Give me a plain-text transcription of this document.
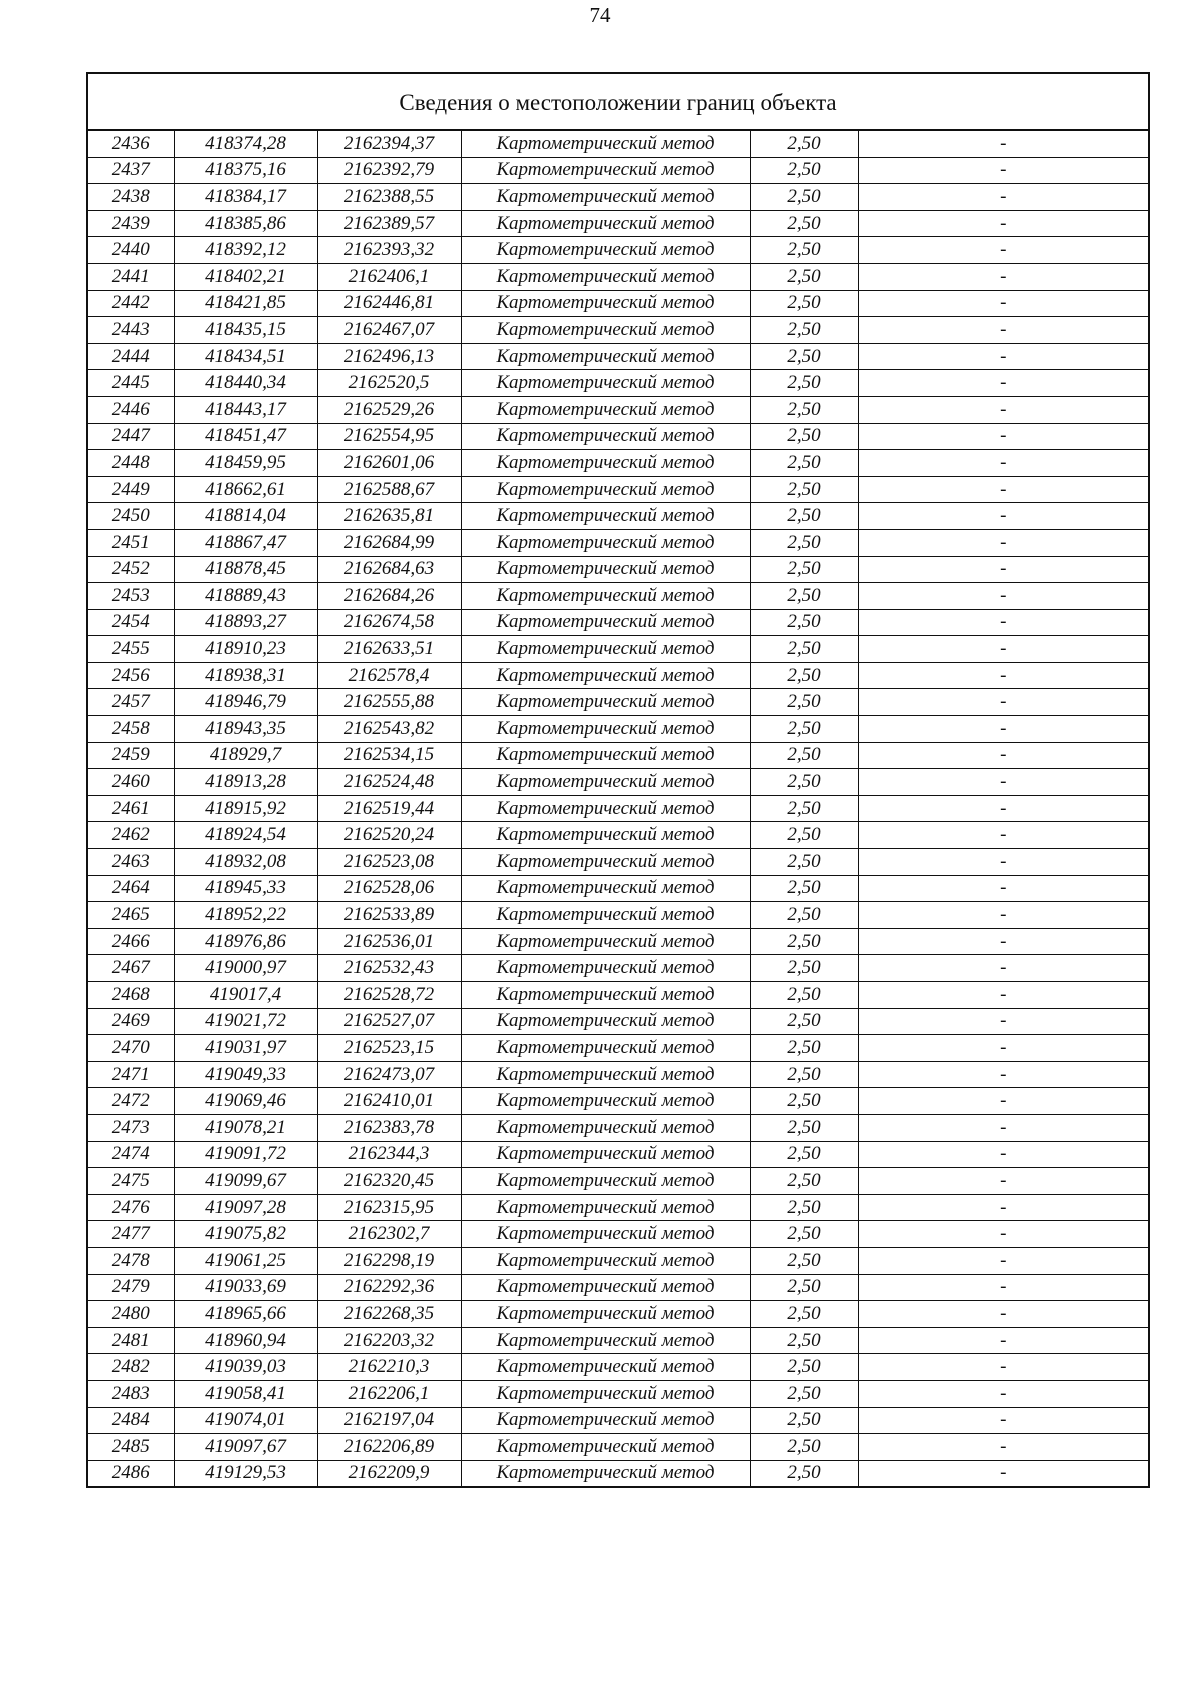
74
Сведения о местоположении границ объекта
2436	418374,28	2162394,37	Картометрический метод	2,50	-
2437	418375,16	2162392,79	Картометрический метод	2,50	-
2438	418384,17	2162388,55	Картометрический метод	2,50	-
2439	418385,86	2162389,57	Картометрический метод	2,50	-
2440	418392,12	2162393,32	Картометрический метод	2,50	-
2441	418402,21	2162406,1	Картометрический метод	2,50	-
2442	418421,85	2162446,81	Картометрический метод	2,50	-
2443	418435,15	2162467,07	Картометрический метод	2,50	-
2444	418434,51	2162496,13	Картометрический метод	2,50	-
2445	418440,34	2162520,5	Картометрический метод	2,50	-
2446	418443,17	2162529,26	Картометрический метод	2,50	-
2447	418451,47	2162554,95	Картометрический метод	2,50	-
2448	418459,95	2162601,06	Картометрический метод	2,50	-
2449	418662,61	2162588,67	Картометрический метод	2,50	-
2450	418814,04	2162635,81	Картометрический метод	2,50	-
2451	418867,47	2162684,99	Картометрический метод	2,50	-
2452	418878,45	2162684,63	Картометрический метод	2,50	-
2453	418889,43	2162684,26	Картометрический метод	2,50	-
2454	418893,27	2162674,58	Картометрический метод	2,50	-
2455	418910,23	2162633,51	Картометрический метод	2,50	-
2456	418938,31	2162578,4	Картометрический метод	2,50	-
2457	418946,79	2162555,88	Картометрический метод	2,50	-
2458	418943,35	2162543,82	Картометрический метод	2,50	-
2459	418929,7	2162534,15	Картометрический метод	2,50	-
2460	418913,28	2162524,48	Картометрический метод	2,50	-
2461	418915,92	2162519,44	Картометрический метод	2,50	-
2462	418924,54	2162520,24	Картометрический метод	2,50	-
2463	418932,08	2162523,08	Картометрический метод	2,50	-
2464	418945,33	2162528,06	Картометрический метод	2,50	-
2465	418952,22	2162533,89	Картометрический метод	2,50	-
2466	418976,86	2162536,01	Картометрический метод	2,50	-
2467	419000,97	2162532,43	Картометрический метод	2,50	-
2468	419017,4	2162528,72	Картометрический метод	2,50	-
2469	419021,72	2162527,07	Картометрический метод	2,50	-
2470	419031,97	2162523,15	Картометрический метод	2,50	-
2471	419049,33	2162473,07	Картометрический метод	2,50	-
2472	419069,46	2162410,01	Картометрический метод	2,50	-
2473	419078,21	2162383,78	Картометрический метод	2,50	-
2474	419091,72	2162344,3	Картометрический метод	2,50	-
2475	419099,67	2162320,45	Картометрический метод	2,50	-
2476	419097,28	2162315,95	Картометрический метод	2,50	-
2477	419075,82	2162302,7	Картометрический метод	2,50	-
2478	419061,25	2162298,19	Картометрический метод	2,50	-
2479	419033,69	2162292,36	Картометрический метод	2,50	-
2480	418965,66	2162268,35	Картометрический метод	2,50	-
2481	418960,94	2162203,32	Картометрический метод	2,50	-
2482	419039,03	2162210,3	Картометрический метод	2,50	-
2483	419058,41	2162206,1	Картометрический метод	2,50	-
2484	419074,01	2162197,04	Картометрический метод	2,50	-
2485	419097,67	2162206,89	Картометрический метод	2,50	-
2486	419129,53	2162209,9	Картометрический метод	2,50	-
